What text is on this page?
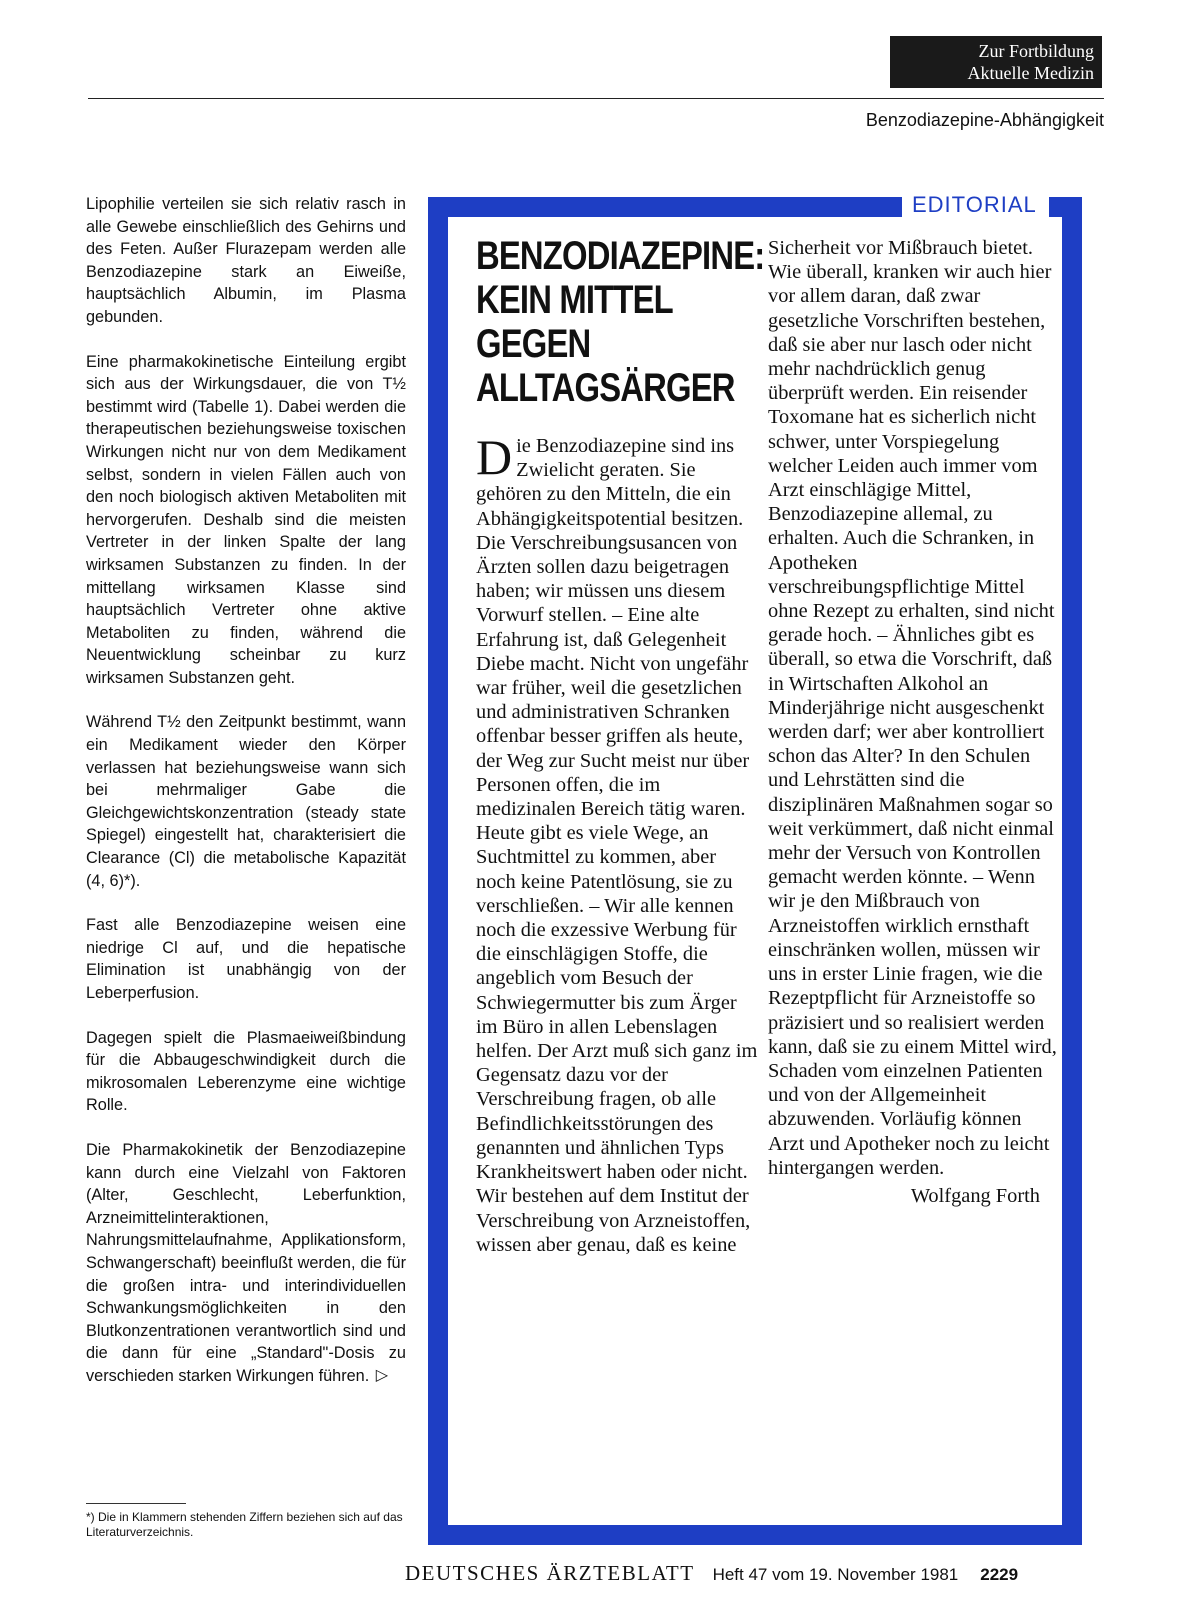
Zur Fortbildung
Aktuelle Medizin
Benzodiazepine-Abhängigkeit

Lipophilie verteilen sie sich relativ rasch in alle Gewebe einschließlich des Gehirns und des Feten. Außer Flurazepam werden alle Benzodiazepine stark an Eiweiße, hauptsächlich Albumin, im Plasma gebunden.

Eine pharmakokinetische Einteilung ergibt sich aus der Wirkungsdauer, die von T½ bestimmt wird (Tabelle 1). Dabei werden die therapeutischen beziehungsweise toxischen Wirkungen nicht nur von dem Medikament selbst, sondern in vielen Fällen auch von den noch biologisch aktiven Metaboliten mit hervorgerufen. Deshalb sind die meisten Vertreter in der linken Spalte der lang wirksamen Substanzen zu finden. In der mittellang wirksamen Klasse sind hauptsächlich Vertreter ohne aktive Metaboliten zu finden, während die Neuentwicklung scheinbar zu kurz wirksamen Substanzen geht.

Während T½ den Zeitpunkt bestimmt, wann ein Medikament wieder den Körper verlassen hat beziehungsweise wann sich bei mehrmaliger Gabe die Gleichgewichtskonzentration (steady state Spiegel) eingestellt hat, charakterisiert die Clearance (Cl) die metabolische Kapazität (4, 6)*).

Fast alle Benzodiazepine weisen eine niedrige Cl auf, und die hepatische Elimination ist unabhängig von der Leberperfusion.

Dagegen spielt die Plasmaeiweißbindung für die Abbaugeschwindigkeit durch die mikrosomalen Leberenzyme eine wichtige Rolle.

Die Pharmakokinetik der Benzodiazepine kann durch eine Vielzahl von Faktoren (Alter, Geschlecht, Leberfunktion, Arzneimittelinteraktionen, Nahrungsmittelaufnahme, Applikationsform, Schwangerschaft) beeinflußt werden, die für die großen intra- und interindividuellen Schwankungsmöglichkeiten in den Blutkonzentrationen verantwortlich sind und die dann für eine „Standard"-Dosis zu verschieden starken Wirkungen führen. ▷

*) Die in Klammern stehenden Ziffern beziehen sich auf das Literaturverzeichnis.
EDITORIAL
BENZODIAZEPINE:
KEIN MITTEL
GEGEN
ALLTAGSÄRGER

Die Benzodiazepine sind ins Zwielicht geraten. Sie gehören zu den Mitteln, die ein Abhängigkeitspotential besitzen. Die Verschreibungsusancen von Ärzten sollen dazu beigetragen haben; wir müssen uns diesem Vorwurf stellen. – Eine alte Erfahrung ist, daß Gelegenheit Diebe macht. Nicht von ungefähr war früher, weil die gesetzlichen und administrativen Schranken offenbar besser griffen als heute, der Weg zur Sucht meist nur über Personen offen, die im medizinalen Bereich tätig waren. Heute gibt es viele Wege, an Suchtmittel zu kommen, aber noch keine Patentlösung, sie zu verschließen. – Wir alle kennen noch die exzessive Werbung für die einschlägigen Stoffe, die angeblich vom Besuch der Schwiegermutter bis zum Ärger im Büro in allen Lebenslagen helfen. Der Arzt muß sich ganz im Gegensatz dazu vor der Verschreibung fragen, ob alle Befindlichkeitsstörungen des genannten und ähnlichen Typs Krankheitswert haben oder nicht.

Wir bestehen auf dem Institut der Verschreibung von Arzneistoffen, wissen aber genau, daß es keine

Sicherheit vor Mißbrauch bietet. Wie überall, kranken wir auch hier vor allem daran, daß zwar gesetzliche Vorschriften bestehen, daß sie aber nur lasch oder nicht mehr nachdrücklich genug überprüft werden. Ein reisender Toxomane hat es sicherlich nicht schwer, unter Vorspiegelung welcher Leiden auch immer vom Arzt einschlägige Mittel, Benzodiazepine allemal, zu erhalten. Auch die Schranken, in Apotheken verschreibungspflichtige Mittel ohne Rezept zu erhalten, sind nicht gerade hoch. – Ähnliches gibt es überall, so etwa die Vorschrift, daß in Wirtschaften Alkohol an Minderjährige nicht ausgeschenkt werden darf; wer aber kontrolliert schon das Alter? In den Schulen und Lehrstätten sind die disziplinären Maßnahmen sogar so weit verkümmert, daß nicht einmal mehr der Versuch von Kontrollen gemacht werden könnte. – Wenn wir je den Mißbrauch von Arzneistoffen wirklich ernsthaft einschränken wollen, müssen wir uns in erster Linie fragen, wie die Rezeptpflicht für Arzneistoffe so präzisiert und so realisiert werden kann, daß sie zu einem Mittel wird, Schaden vom einzelnen Patienten und von der Allgemeinheit abzuwenden. Vorläufig können Arzt und Apotheker noch zu leicht hintergangen werden.

Wolfgang Forth
DEUTSCHES ÄRZTEBLATT Heft 47 vom 19. November 1981 2229
